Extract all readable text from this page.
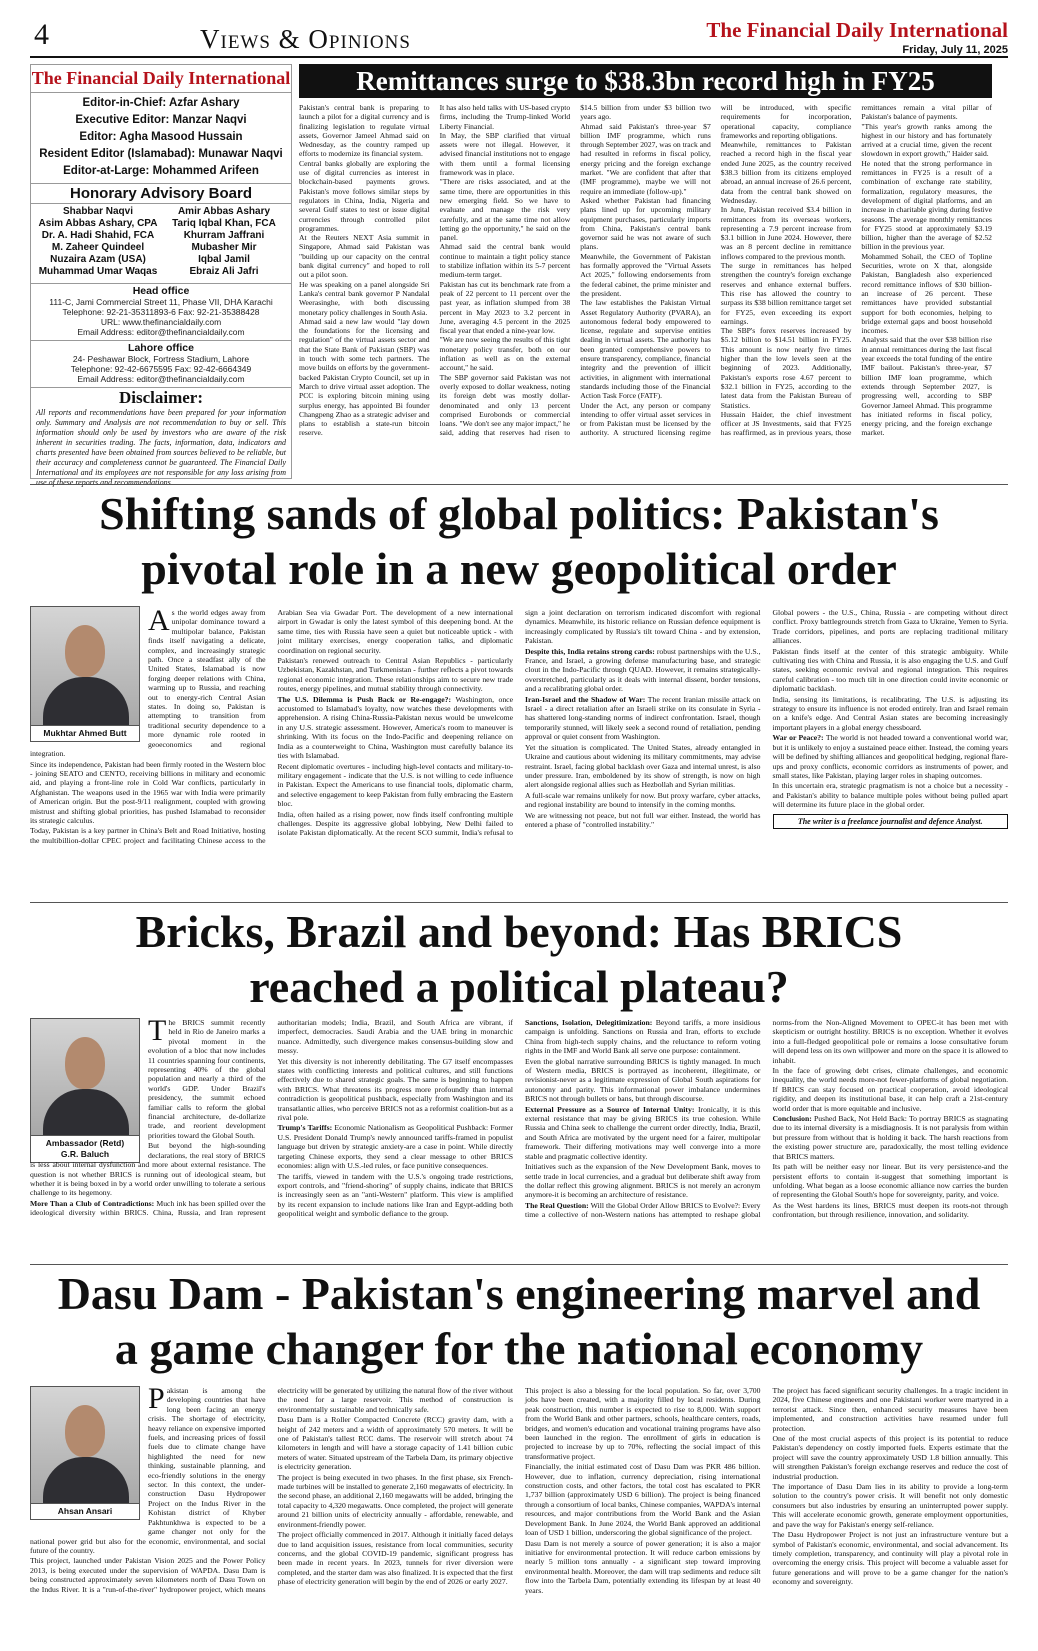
4	Views & Opinions	The Financial Daily International
Friday, July 11, 2025
The Financial Daily International
Editor-in-Chief: Azfar Ashary
Executive Editor: Manzar Naqvi
Editor: Agha Masood Hussain
Resident Editor (Islamabad): Munawar Naqvi
Editor-at-Large: Mohammed Arifeen
Honorary Advisory Board
Shabbar Naqvi
Asim Abbas Ashary, CPA
Dr. A. Hadi Shahid, FCA
M. Zaheer Quindeel
Nuzaira Azam (USA)
Muhammad Umar Waqas
Amir Abbas Ashary
Tariq Iqbal Khan, FCA
Khurram Jaffrani
Mubasher Mir
Iqbal Jamil
Ebraiz Ali Jafri
Head office
111-C, Jami Commercial Street 11, Phase VII, DHA Karachi
Telephone: 92-21-35311893-6 Fax: 92-21-35388428
URL: www.thefinancialdaily.com
Email Address: editor@thefinancialdaily.com
Lahore office
24- Peshawar Block, Fortress Stadium, Lahore
Telephone: 92-42-6675595 Fax: 92-42-6664349
Email Address: editor@thefinancialdaily.com
Disclaimer:
All reports and recommendations have been prepared for your information only. Summary and Analysis are not recommendation to buy or sell. This information should only be used by investors who are aware of the risk inherent in securities trading. The facts, information, data, indicators and charts presented have been obtained from sources believed to be reliable, but their accuracy and completeness cannot be guaranteed. The Financial Daily International and its employees are not responsible for any loss arising from use of these reports and recommendations.
Remittances surge to $38.3bn record high in FY25

Pakistan's central bank is preparing to launch a pilot for a digital currency and is finalizing legislation to regulate virtual assets, Governor Jameel Ahmad said on Wednesday, as the country ramped up efforts to modernize its financial system.

Central banks globally are exploring the use of digital currencies as interest in blockchain-based payments grows. Pakistan's move follows similar steps by regulators in China, India, Nigeria and several Gulf states to test or issue digital currencies through controlled pilot programmes.

At the Reuters NEXT Asia summit in Singapore, Ahmad said Pakistan was "building up our capacity on the central bank digital currency" and hoped to roll out a pilot soon.

He was speaking on a panel alongside Sri Lanka's central bank governor P Nandalal Weerasinghe, with both discussing monetary policy challenges in South Asia.

Ahmad said a new law would "lay down the foundations for the licensing and regulation" of the virtual assets sector and that the State Bank of Pakistan (SBP) was in touch with some tech partners. The move builds on efforts by the government-backed Pakistan Crypto Council, set up in March to drive virtual asset adoption. The PCC is exploring bitcoin mining using surplus energy, has appointed Bi founder Changpeng Zhao as a strategic adviser and plans to establish a state-run bitcoin reserve.

It has also held talks with US-based crypto firms, including the Trump-linked World Liberty Financial.

In May, the SBP clarified that virtual assets were not illegal. However, it advised financial institutions not to engage with them until a formal licensing framework was in place.

"There are risks associated, and at the same time, there are opportunities in this new emerging field. So we have to evaluate and manage the risk very carefully, and at the same time not allow letting go the opportunity," he said on the panel.

Ahmad said the central bank would continue to maintain a tight policy stance to stabilize inflation within its 5-7 percent medium-term target.

Pakistan has cut its benchmark rate from a peak of 22 percent to 11 percent over the past year, as inflation slumped from 38 percent in May 2023 to 3.2 percent in June, averaging 4.5 percent in the 2025 fiscal year that ended a nine-year low.

"We are now seeing the results of this tight monetary policy transfer, both on our inflation as well as on the external account," he said.

The SBP governor said Pakistan was not overly exposed to dollar weakness, noting its foreign debt was mostly dollar-denominated and only 13 percent comprised Eurobonds or commercial loans. "We don't see any major impact," he said, adding that reserves had risen to $14.5 billion from under $3 billion two years ago.

Ahmad said Pakistan's three-year $7 billion IMF programme, which runs through September 2027, was on track and had resulted in reforms in fiscal policy, energy pricing and the foreign exchange market. "We are confident that after that (IMF programme), maybe we will not require an immediate (follow-up)."

Asked whether Pakistan had financing plans lined up for upcoming military equipment purchases, particularly imports from China, Pakistan's central bank governor said he was not aware of such plans.

Meanwhile, the Government of Pakistan has formally approved the "Virtual Assets Act 2025," following endorsements from the federal cabinet, the prime minister and the president.

The law establishes the Pakistan Virtual Asset Regulatory Authority (PVARA), an autonomous federal body empowered to license, regulate and supervise entities dealing in virtual assets. The authority has been granted comprehensive powers to ensure transparency, compliance, financial integrity and the prevention of illicit activities, in alignment with international standards including those of the Financial Action Task Force (FATF).

Under the Act, any person or company intending to offer virtual asset services in or from Pakistan must be licensed by the authority. A structured licensing regime will be introduced, with specific requirements for incorporation, operational capacity, compliance frameworks and reporting obligations.

Meanwhile, remittances to Pakistan reached a record high in the fiscal year ended June 2025, as the country received $38.3 billion from its citizens employed abroad, an annual increase of 26.6 percent, data from the central bank showed on Wednesday.

In June, Pakistan received $3.4 billion in remittances from its overseas workers, representing a 7.9 percent increase from $3.1 billion in June 2024. However, there was an 8 percent decline in remittance inflows compared to the previous month.

The surge in remittances has helped strengthen the country's foreign exchange reserves and enhance external buffers. This rise has allowed the country to surpass its $38 billion remittance target set for FY25, even exceeding its export earnings.

The SBP's forex reserves increased by $5.12 billion to $14.51 billion in FY25. This amount is now nearly five times higher than the low levels seen at the beginning of 2023. Additionally, Pakistan's exports rose 4.67 percent to $32.1 billion in FY25, according to the latest data from the Pakistan Bureau of Statistics.

Hussain Haider, the chief investment officer at JS Investments, said that FY25 has reaffirmed, as in previous years, those remittances remain a vital pillar of Pakistan's balance of payments.

"This year's growth ranks among the highest in our history and has fortunately arrived at a crucial time, given the recent slowdown in export growth," Haider said.

He noted that the strong performance in remittances in FY25 is a result of a combination of exchange rate stability, formalization, regulatory measures, the development of digital platforms, and an increase in charitable giving during festive seasons. The average monthly remittances for FY25 stood at approximately $3.19 billion, higher than the average of $2.52 billion in the previous year.

Mohammed Sohail, the CEO of Topline Securities, wrote on X that, alongside Pakistan, Bangladesh also experienced record remittance inflows of $30 billion-an increase of 26 percent. These remittances have provided substantial support for both economies, helping to bridge external gaps and boost household incomes.

Analysts said that the over $38 billion rise in annual remittances during the last fiscal year exceeds the total funding of the entire IMF bailout. Pakistan's three-year, $7 billion IMF loan programme, which extends through September 2027, is progressing well, according to SBP Governor Jameel Ahmad. This programme has initiated reforms in fiscal policy, energy pricing, and the foreign exchange market.

Shifting sands of global politics: Pakistan's
pivotal role in a new geopolitical order
Mukhtar Ahmed Butt

As the world edges away from unipolar dominance toward a multipolar balance, Pakistan finds itself navigating a delicate, complex, and increasingly strategic path. Once a steadfast ally of the United States, Islamabad is now forging deeper relations with China, warming up to Russia, and reaching out to energy-rich Central Asian states. In doing so, Pakistan is attempting to transition from traditional security dependence to a more dynamic role rooted in geoeconomics and regional integration.

Since its independence, Pakistan had been firmly rooted in the Western bloc - joining SEATO and CENTO, receiving billions in military and economic aid, and playing a front-line role in Cold War conflicts, particularly in Afghanistan. The weapons used in the 1965 war with India were primarily of American origin. But the post-9/11 realignment, coupled with growing mistrust and shifting global priorities, has pushed Islamabad to reconsider its strategic calculus.

Today, Pakistan is a key partner in China's Belt and Road Initiative, hosting the multibillion-dollar CPEC project and facilitating Chinese access to the Arabian Sea via Gwadar Port. The development of a new international airport in Gwadar is only the latest symbol of this deepening bond. At the same time, ties with Russia have seen a quiet but noticeable uptick - with joint military exercises, energy cooperation talks, and diplomatic coordination on regional security.

Pakistan's renewed outreach to Central Asian Republics - particularly Uzbekistan, Kazakhstan, and Turkmenistan - further reflects a pivot towards regional economic integration. These relationships aim to secure new trade routes, energy pipelines, and mutual stability through connectivity.

The U.S. Dilemma is Push Back or Re-engage?: Washington, once accustomed to Islamabad's loyalty, now watches these developments with apprehension. A rising China-Russia-Pakistan nexus would be unwelcome in any U.S. strategic assessment. However, America's room to maneuver is shrinking. With its focus on the Indo-Pacific and deepening reliance on India as a counterweight to China, Washington must carefully balance its ties with Islamabad.

Recent diplomatic overtures - including high-level contacts and military-to-military engagement - indicate that the U.S. is not willing to cede influence in Pakistan. Expect the Americans to use financial tools, diplomatic charm, and selective engagement to keep Pakistan from fully embracing the Eastern bloc.

India, often hailed as a rising power, now finds itself confronting multiple challenges. Despite its aggressive global lobbying, New Delhi failed to isolate Pakistan diplomatically. At the recent SCO summit, India's refusal to sign a joint declaration on terrorism indicated discomfort with regional dynamics. Meanwhile, its historic reliance on Russian defence equipment is increasingly complicated by Russia's tilt toward China - and by extension, Pakistan.

Despite this, India retains strong cards: robust partnerships with the U.S., France, and Israel, a growing defense manufacturing base, and strategic clout in the Indo-Pacific through QUAD. However, it remains strategically-overstretched, particularly as it deals with internal dissent, border tensions, and a recalibrating global order.

Iran-Israel and the Shadow of War: The recent Iranian missile attack on Israel - a direct retaliation after an Israeli strike on its consulate in Syria - has shattered long-standing norms of indirect confrontation. Israel, though temporarily stunned, will likely seek a second round of retaliation, pending approval or quiet consent from Washington.

Yet the situation is complicated. The United States, already entangled in Ukraine and cautious about widening its military commitments, may advise restraint. Israel, facing global backlash over Gaza and internal unrest, is also under pressure. Iran, emboldened by its show of strength, is now on high alert alongside regional allies such as Hezbollah and Syrian militias.

A full-scale war remains unlikely for now. But proxy warfare, cyber attacks, and regional instability are bound to intensify in the coming months.

We are witnessing not peace, but not full war either. Instead, the world has entered a phase of "controlled instability."

Global powers - the U.S., China, Russia - are competing without direct conflict. Proxy battlegrounds stretch from Gaza to Ukraine, Yemen to Syria. Trade corridors, pipelines, and ports are replacing traditional military alliances.

Pakistan finds itself at the center of this strategic ambiguity. While cultivating ties with China and Russia, it is also engaging the U.S. and Gulf states, seeking economic revival and regional integration. This requires careful calibration - too much tilt in one direction could invite economic or diplomatic backlash.

India, sensing its limitations, is recalibrating. The U.S. is adjusting its strategy to ensure its influence is not eroded entirely. Iran and Israel remain on a knife's edge. And Central Asian states are becoming increasingly important players in a global energy chessboard.

War or Peace?: The world is not headed toward a conventional world war, but it is unlikely to enjoy a sustained peace either. Instead, the coming years will be defined by shifting alliances and geopolitical hedging, regional flare-ups and proxy conflicts, economic corridors as instruments of power, and small states, like Pakistan, playing larger roles in shaping outcomes.

In this uncertain era, strategic pragmatism is not a choice but a necessity - and Pakistan's ability to balance multiple poles without being pulled apart will determine its future place in the global order.

The writer is a freelance journalist and defence Analyst.
Bricks, Brazil and beyond: Has BRICS
reached a political plateau?
Ambassador (Retd)
G.R. Baluch

The BRICS summit recently held in Rio de Janeiro marks a pivotal moment in the evolution of a bloc that now includes 11 countries spanning four continents, representing 40% of the global population and nearly a third of the world's GDP. Under Brazil's presidency, the summit echoed familiar calls to reform the global financial architecture, de-dollarize trade, and reorient development priorities toward the Global South.

But beyond the high-sounding declarations, the real story of BRICS is less about internal dysfunction and more about external resistance. The question is not whether BRICS is running out of ideological steam, but whether it is being boxed in by a world order unwilling to tolerate a serious challenge to its hegemony.

More Than a Club of Contradictions: Much ink has been spilled over the ideological diversity within BRICS. China, Russia, and Iran represent authoritarian models; India, Brazil, and South Africa are vibrant, if imperfect, democracies. Saudi Arabia and the UAE bring in monarchic nuance. Admittedly, such divergence makes consensus-building slow and messy.

Yet this diversity is not inherently debilitating. The G7 itself encompasses states with conflicting interests and political cultures, and still functions effectively due to shared strategic goals. The same is beginning to happen with BRICS. What threatens its progress more profoundly than internal contradiction is geopolitical pushback, especially from Washington and its transatlantic allies, who perceive BRICS not as a reformist coalition-but as a rival pole.

Trump's Tariffs: Economic Nationalism as Geopolitical Pushback: Former U.S. President Donald Trump's newly announced tariffs-framed in populist language but driven by strategic anxiety-are a case in point. While directly targeting Chinese exports, they send a clear message to other BRICS economies: align with U.S.-led rules, or face punitive consequences.

The tariffs, viewed in tandem with the U.S.'s ongoing trade restrictions, export controls, and "friend-shoring" of supply chains, indicate that BRICS is increasingly seen as an "anti-Western" platform. This view is amplified by its recent expansion to include nations like Iran and Egypt-adding both geopolitical weight and symbolic defiance to the group.

Sanctions, Isolation, Delegitimization: Beyond tariffs, a more insidious campaign is unfolding. Sanctions on Russia and Iran, efforts to exclude China from high-tech supply chains, and the reluctance to reform voting rights in the IMF and World Bank all serve one purpose: containment.

Even the global narrative surrounding BRICS is tightly managed. In much of Western media, BRICS is portrayed as incoherent, illegitimate, or revisionist-never as a legitimate expression of Global South aspirations for autonomy and parity. This informational power imbalance undermines BRICS not through bullets or bans, but through discourse.

External Pressure as a Source of Internal Unity: Ironically, it is this external resistance that may be giving BRICS its true cohesion. While Russia and China seek to challenge the current order directly, India, Brazil, and South Africa are motivated by the urgent need for a fairer, multipolar framework. Their differing motivations may well converge into a more stable and pragmatic collective identity.

Initiatives such as the expansion of the New Development Bank, moves to settle trade in local currencies, and a gradual but deliberate shift away from the dollar reflect this growing alignment. BRICS is not merely an acronym anymore-it is becoming an architecture of resistance.

The Real Question: Will the Global Order Allow BRICS to Evolve?: Every time a collective of non-Western nations has attempted to reshape global norms-from the Non-Aligned Movement to OPEC-it has been met with skepticism or outright hostility. BRICS is no exception. Whether it evolves into a full-fledged geopolitical pole or remains a loose consultative forum will depend less on its own willpower and more on the space it is allowed to inhabit.

In the face of growing debt crises, climate challenges, and economic inequality, the world needs more-not fewer-platforms of global negotiation. If BRICS can stay focused on practical cooperation, avoid ideological rigidity, and deepen its institutional base, it can help craft a 21st-century world order that is more equitable and inclusive.

Conclusion: Pushed Back, Not Held Back: To portray BRICS as stagnating due to its internal diversity is a misdiagnosis. It is not paralysis from within but pressure from without that is holding it back. The harsh reactions from the existing power structure are, paradoxically, the most telling evidence that BRICS matters.

Its path will be neither easy nor linear. But its very persistence-and the persistent efforts to contain it-suggest that something important is unfolding. What began as a loose economic alliance now carries the burden of representing the Global South's hope for sovereignty, parity, and voice.

As the West hardens its lines, BRICS must deepen its roots-not through confrontation, but through resilience, innovation, and solidarity.

Dasu Dam - Pakistan's engineering marvel and
a game changer for the national economy
Ahsan Ansari

Pakistan is among the developing countries that have long been facing an energy crisis. The shortage of electricity, heavy reliance on expensive imported fuels, and increasing prices of fossil fuels due to climate change have highlighted the need for new thinking, sustainable planning, and eco-friendly solutions in the energy sector. In this context, the under-construction Dasu Hydropower Project on the Indus River in the Kohistan district of Khyber Pakhtunkhwa is expected to be a game changer not only for the national power grid but also for the economic, environmental, and social future of the country.

This project, launched under Pakistan Vision 2025 and the Power Policy 2013, is being executed under the supervision of WAPDA. Dasu Dam is being constructed approximately seven kilometers north of Dasu Town on the Indus River. It is a "run-of-the-river" hydropower project, which means electricity will be generated by utilizing the natural flow of the river without the need for a large reservoir. This method of construction is environmentally sustainable and technically safe.

Dasu Dam is a Roller Compacted Concrete (RCC) gravity dam, with a height of 242 meters and a width of approximately 570 meters. It will be one of Pakistan's tallest RCC dams. The reservoir will stretch about 74 kilometers in length and will have a storage capacity of 1.41 billion cubic meters of water. Situated upstream of the Tarbela Dam, its primary objective is electricity generation.

The project is being executed in two phases. In the first phase, six French-made turbines will be installed to generate 2,160 megawatts of electricity. In the second phase, an additional 2,160 megawatts will be added, bringing the total capacity to 4,320 megawatts. Once completed, the project will generate around 21 billion units of electricity annually - affordable, renewable, and environment-friendly power.

The project officially commenced in 2017. Although it initially faced delays due to land acquisition issues, resistance from local communities, security concerns, and the global COVID-19 pandemic, significant progress has been made in recent years. In 2023, tunnels for river diversion were completed, and the starter dam was also finalized. It is expected that the first phase of electricity generation will begin by the end of 2026 or early 2027.

This project is also a blessing for the local population. So far, over 3,700 jobs have been created, with a majority filled by local residents. During peak construction, this number is expected to rise to 8,000. With support from the World Bank and other partners, schools, healthcare centers, roads, bridges, and women's education and vocational training programs have also been launched in the region. The enrollment of girls in education is projected to increase by up to 70%, reflecting the social impact of this transformative project.

Financially, the initial estimated cost of Dasu Dam was PKR 486 billion. However, due to inflation, currency depreciation, rising international construction costs, and other factors, the total cost has escalated to PKR 1,737 billion (approximately USD 6 billion). The project is being financed through a consortium of local banks, Chinese companies, WAPDA's internal resources, and major contributions from the World Bank and the Asian Development Bank. In June 2024, the World Bank approved an additional loan of USD 1 billion, underscoring the global significance of the project.

Dasu Dam is not merely a source of power generation; it is also a major initiative for environmental protection. It will reduce carbon emissions by nearly 5 million tons annually - a significant step toward improving environmental health. Moreover, the dam will trap sediments and reduce silt flow into the Tarbela Dam, potentially extending its lifespan by at least 40 years.

The project has faced significant security challenges. In a tragic incident in 2024, five Chinese engineers and one Pakistani worker were martyred in a terrorist attack. Since then, enhanced security measures have been implemented, and construction activities have resumed under full protection.

One of the most crucial aspects of this project is its potential to reduce Pakistan's dependency on costly imported fuels. Experts estimate that the project will save the country approximately USD 1.8 billion annually. This will strengthen Pakistan's foreign exchange reserves and reduce the cost of industrial production.

The importance of Dasu Dam lies in its ability to provide a long-term solution to the country's power crisis. It will benefit not only domestic consumers but also industries by ensuring an uninterrupted power supply. This will accelerate economic growth, generate employment opportunities, and pave the way for Pakistan's energy self-reliance.

The Dasu Hydropower Project is not just an infrastructure venture but a symbol of Pakistan's economic, environmental, and social advancement. Its timely completion, transparency, and continuity will play a pivotal role in overcoming the energy crisis. This project will become a valuable asset for future generations and will prove to be a game changer for the nation's economy and sovereignty.
